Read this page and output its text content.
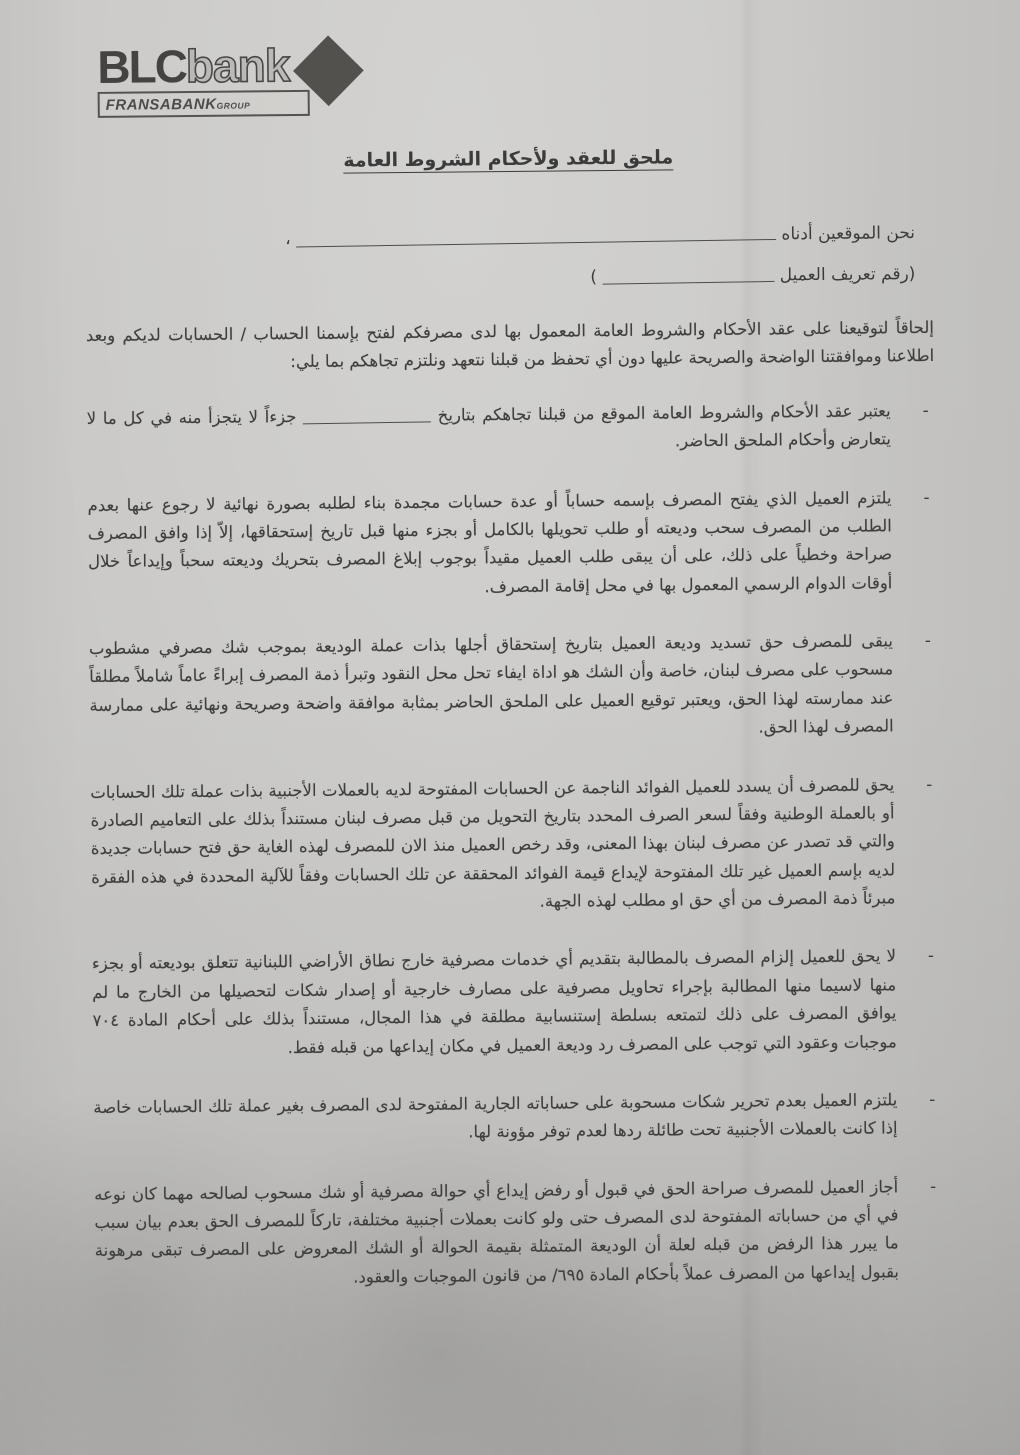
BLCbank
FRANSABANKGROUP
ملحق للعقد ولأحكام الشروط العامة
نحن الموقعين أدناه  ،
(رقم تعريف العميل  )

إلحاقاً لتوقيعنا على عقد الأحكام والشروط العامة المعمول بها لدى مصرفكم لفتح بإسمنا الحساب / الحسابات لديكم وبعد اطلاعنا وموافقتنا الواضحة والصريحة عليها دون أي تحفظ من قبلنا نتعهد ونلتزم تجاهكم بما يلي:

-

يعتبر عقد الأحكام والشروط العامة الموقع من قبلنا تجاهكم بتاريخ  جزءاً لا يتجزأ منه في كل ما لا يتعارض وأحكام الملحق الحاضر.

-

يلتزم العميل الذي يفتح المصرف بإسمه حساباً أو عدة حسابات مجمدة بناء لطلبه بصورة نهائية لا رجوع عنها بعدم الطلب من المصرف سحب وديعته أو طلب تحويلها بالكامل أو بجزء منها قبل تاريخ إستحقاقها، إلاّ إذا وافق المصرف صراحة وخطياً على ذلك، على أن يبقى طلب العميل مقيداً بوجوب إبلاغ المصرف بتحريك وديعته سحباً وإيداعاً خلال أوقات الدوام الرسمي المعمول بها في محل إقامة المصرف.

-

يبقى للمصرف حق تسديد وديعة العميل بتاريخ إستحقاق أجلها بذات عملة الوديعة بموجب شك مصرفي مشطوب مسحوب على مصرف لبنان، خاصة وأن الشك هو اداة ايفاء تحل محل النقود وتبرأ ذمة المصرف إبراءً عاماً شاملاً مطلقاً عند ممارسته لهذا الحق، ويعتبر توقيع العميل على الملحق الحاضر بمثابة موافقة واضحة وصريحة ونهائية على ممارسة المصرف لهذا الحق.

-

يحق للمصرف أن يسدد للعميل الفوائد الناجمة عن الحسابات المفتوحة لديه بالعملات الأجنبية بذات عملة تلك الحسابات أو بالعملة الوطنية وفقاً لسعر الصرف المحدد بتاريخ التحويل من قبل مصرف لبنان مستنداً بذلك على التعاميم الصادرة والتي قد تصدر عن مصرف لبنان بهذا المعنى، وقد رخص العميل منذ الان للمصرف لهذه الغاية حق فتح حسابات جديدة لديه بإسم العميل غير تلك المفتوحة لإيداع قيمة الفوائد المحققة عن تلك الحسابات وفقاً للآلية المحددة في هذه الفقرة مبرئاً ذمة المصرف من أي حق او مطلب لهذه الجهة.

-

لا يحق للعميل إلزام المصرف بالمطالبة بتقديم أي خدمات مصرفية خارج نطاق الأراضي اللبنانية تتعلق بوديعته أو بجزء منها لاسيما منها المطالبة بإجراء تحاويل مصرفية على مصارف خارجية أو إصدار شكات لتحصيلها من الخارج ما لم يوافق المصرف على ذلك لتمتعه بسلطة إستنسابية مطلقة في هذا المجال، مستنداً بذلك على أحكام المادة ٧٠٤ موجبات وعقود التي توجب على المصرف رد وديعة العميل في مكان إيداعها من قبله فقط.

-

يلتزم العميل بعدم تحرير شكات مسحوبة على حساباته الجارية المفتوحة لدى المصرف بغير عملة تلك الحسابات خاصة إذا كانت بالعملات الأجنبية تحت طائلة ردها لعدم توفر مؤونة لها.

-

أجاز العميل للمصرف صراحة الحق في قبول أو رفض إيداع أي حوالة مصرفية أو شك مسحوب لصالحه مهما كان نوعه في أي من حساباته المفتوحة لدى المصرف حتى ولو كانت بعملات أجنبية مختلفة، تاركاً للمصرف الحق بعدم بيان سبب ما يبرر هذا الرفض من قبله لعلة أن الوديعة المتمثلة بقيمة الحوالة أو الشك المعروض على المصرف تبقى مرهونة بقبول إيداعها من المصرف عملاً بأحكام المادة ٦٩٥/ من قانون الموجبات والعقود.
